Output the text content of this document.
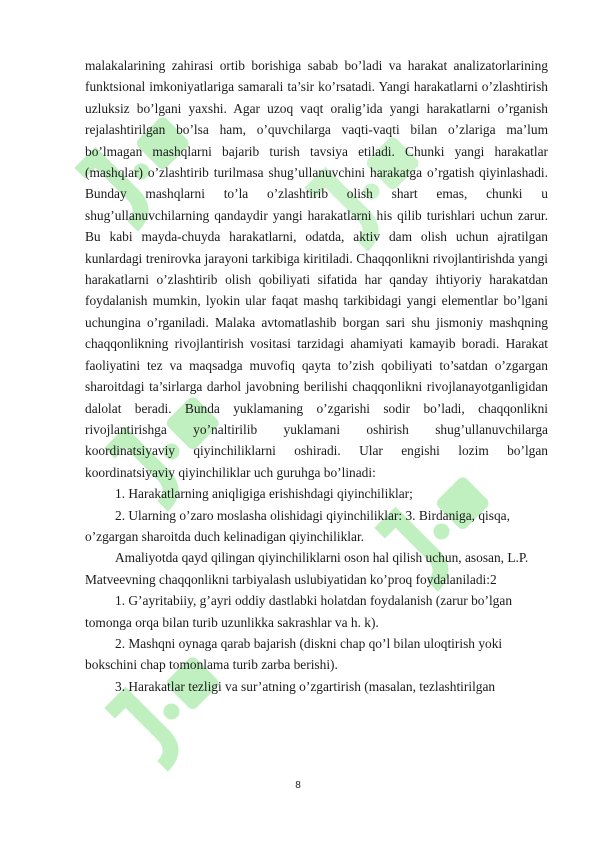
malakalarining zahirasi ortib borishiga sabab bo’ladi va harakat analizatorlarining funktsional imkoniyatlariga samarali ta’sir ko’rsatadi. Yangi harakatlarni o’zlashtirish uzluksiz bo’lgani yaxshi. Agar uzoq vaqt oralig’ida yangi harakatlarni o’rganish rejalashtirilgan bo’lsa ham, o’quvchilarga vaqti-vaqti bilan o’zlariga ma’lum bo’lmagan mashqlarni bajarib turish tavsiya etiladi. Chunki yangi harakatlar (mashqlar) o’zlashtirib turilmasa shug’ullanuvchini harakatga o’rgatish qiyinlashadi. Bunday mashqlarni to’la o’zlashtirib olish shart emas, chunki u shug’ullanuvchilarning qandaydir yangi harakatlarni his qilib turishlari uchun zarur. Bu kabi mayda-chuyda harakatlarni, odatda, aktiv dam olish uchun ajratilgan kunlardagi trenirovka jarayoni tarkibiga kiritiladi. Chaqqonlikni rivojlantirishda yangi harakatlarni o’zlashtirib olish qobiliyati sifatida har qanday ihtiyoriy harakatdan foydalanish mumkin, lyokin ular faqat mashq tarkibidagi yangi elementlar bo’lgani uchungina o’rganiladi. Malaka avtomatlashib borgan sari shu jismoniy mashqning chaqqonlikning rivojlantirish vositasi tarzidagi ahamiyati kamayib boradi. Harakat faoliyatini tez va maqsadga muvofiq qayta to’zish qobiliyati to’satdan o’zgargan sharoitdagi ta’sirlarga darhol javobning berilishi chaqqonlikni rivojlanayotganligidan dalolat beradi. Bunda yuklamaning o’zgarishi sodir bo’ladi, chaqqonlikni rivojlantirishga yo’naltirilib yuklamani oshirish shug’ullanuvchilarga koordinatsiyaviy qiyinchiliklarni oshiradi. Ular engishi lozim bo’lgan koordinatsiyaviy qiyinchiliklar uch guruhga bo’linadi:

1. Harakatlarning aniqligiga erishishdagi qiyinchiliklar;

2. Ularning o’zaro moslasha olishidagi qiyinchiliklar: 3. Birdaniga, qisqa,

o’zgargan sharoitda duch kelinadigan qiyinchiliklar.

Amaliyotda qayd qilingan qiyinchiliklarni oson hal qilish uchun, asosan, L.P.

Matveevning chaqqonlikni tarbiyalash uslubiyatidan ko’proq foydalaniladi:2

1. G’ayritabiiy, g’ayri oddiy dastlabki holatdan foydalanish (zarur bo’lgan

tomonga orqa bilan turib uzunlikka sakrashlar va h. k).

2. Mashqni oynaga qarab bajarish (diskni chap qo’l bilan uloqtirish yoki

bokschini chap tomonlama turib zarba berishi).

3. Harakatlar tezligi va sur’atning o’zgartirish (masalan, tezlashtirilgan

8
